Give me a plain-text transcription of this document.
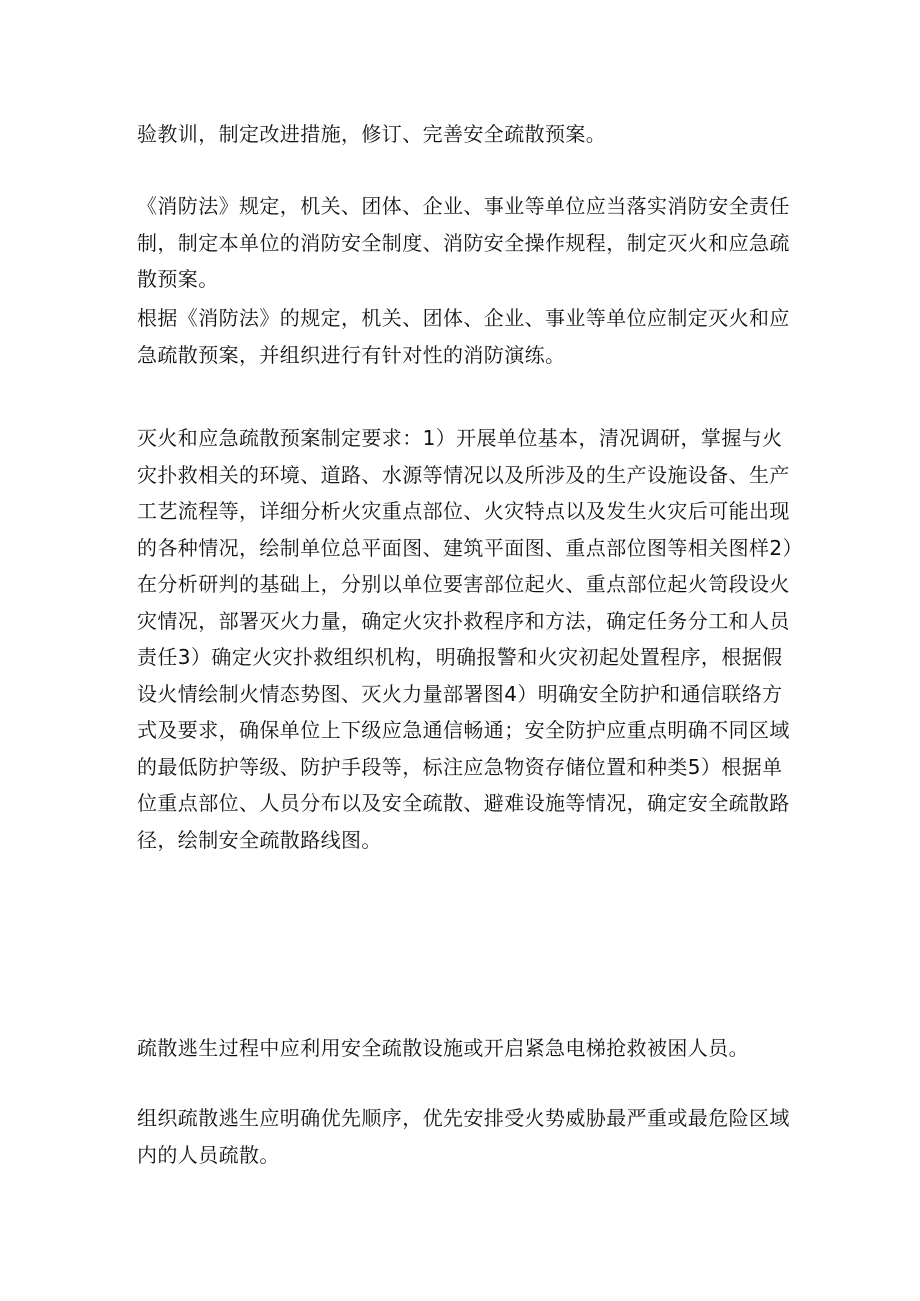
验教训，制定改进措施，修订、完善安全疏散预案。

《消防法》规定，机关、团体、企业、事业等单位应当落实消防安全责任制，制定本单位的消防安全制度、消防安全操作规程，制定灭火和应急疏散预案。

根据《消防法》的规定，机关、团体、企业、事业等单位应制定灭火和应急疏散预案，并组织进行有针对性的消防演练。

灭火和应急疏散预案制定要求：1）开展单位基本，清况调研，掌握与火灾扑救相关的环境、道路、水源等情况以及所涉及的生产设施设备、生产工艺流程等，详细分析火灾重点部位、火灾特点以及发生火灾后可能出现的各种情况，绘制单位总平面图、建筑平面图、重点部位图等相关图样2）在分析研判的基础上，分别以单位要害部位起火、重点部位起火笥段设火灾情况，部署灭火力量，确定火灾扑救程序和方法，确定任务分工和人员责任3）确定火灾扑救组织机构，明确报警和火灾初起处置程序，根据假设火情绘制火情态势图、灭火力量部署图4）明确安全防护和通信联络方式及要求，确保单位上下级应急通信畅通；安全防护应重点明确不同区域的最低防护等级、防护手段等，标注应急物资存储位置和种类5）根据单位重点部位、人员分布以及安全疏散、避难设施等情况，确定安全疏散路径，绘制安全疏散路线图。

疏散逃生过程中应利用安全疏散设施或开启紧急电梯抢救被困人员。

组织疏散逃生应明确优先顺序，优先安排受火势威胁最严重或最危险区域内的人员疏散。
